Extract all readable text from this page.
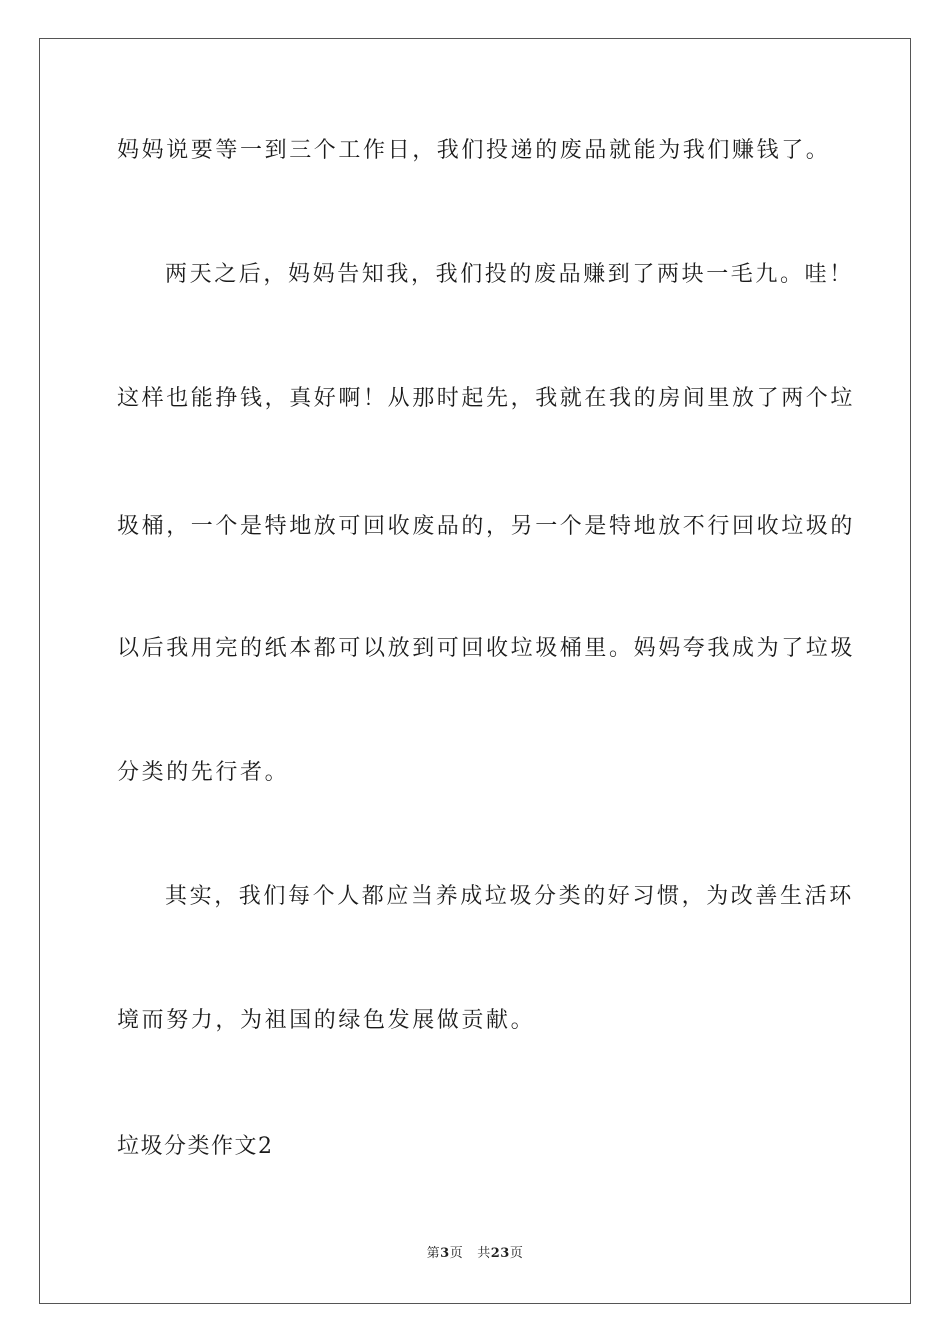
妈妈说要等一到三个工作日，我们投递的废品就能为我们赚钱了。
两天之后，妈妈告知我，我们投的废品赚到了两块一毛九。哇！
这样也能挣钱，真好啊！从那时起先，我就在我的房间里放了两个垃
圾桶，一个是特地放可回收废品的，另一个是特地放不行回收垃圾的
以后我用完的纸本都可以放到可回收垃圾桶里。妈妈夸我成为了垃圾
分类的先行者。
其实，我们每个人都应当养成垃圾分类的好习惯，为改善生活环
境而努力，为祖国的绿色发展做贡献。
垃圾分类作文2
第3页 共23页
